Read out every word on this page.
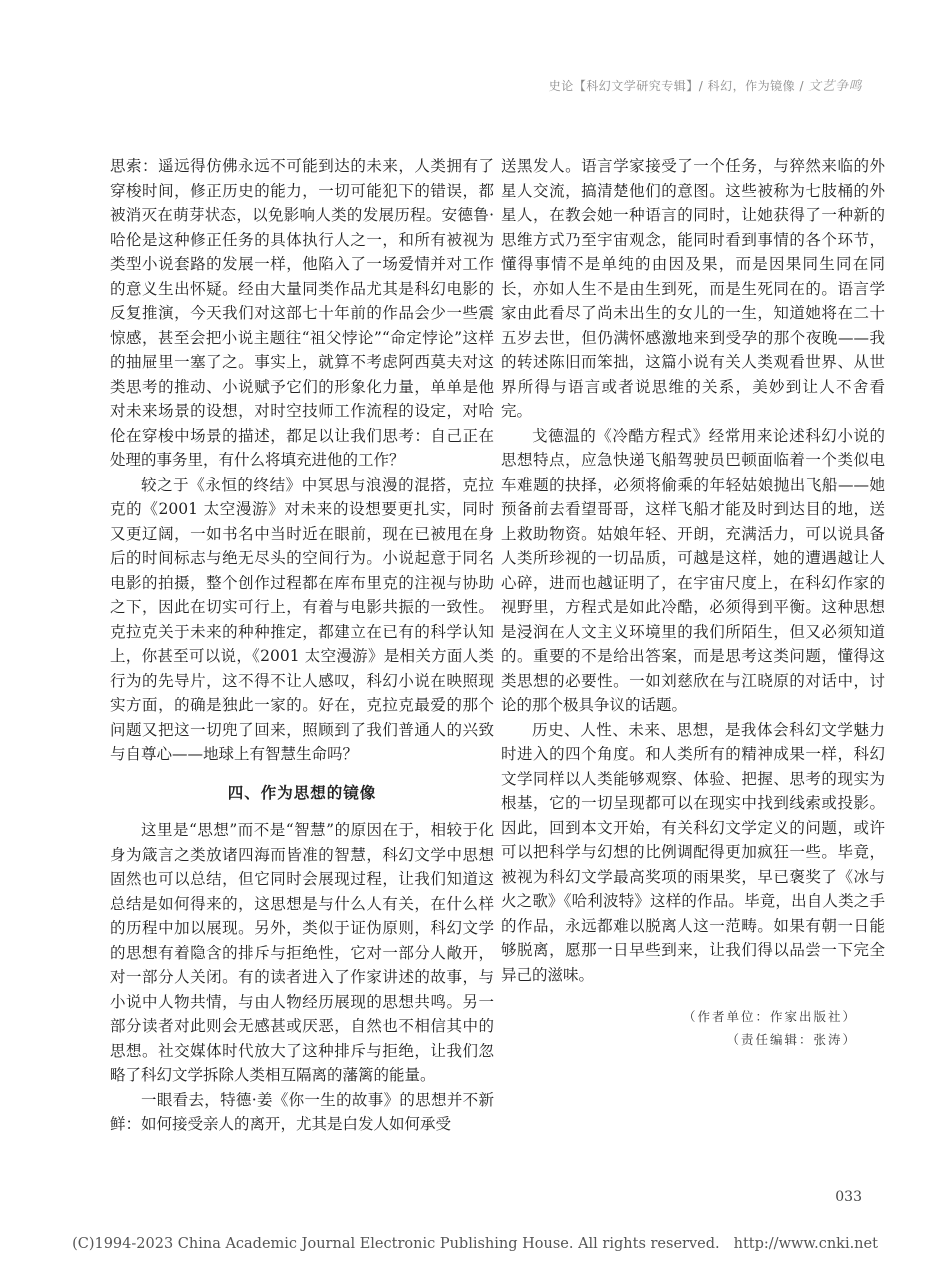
史论【科幻文学研究专辑】/ 科幻，作为镜像 / 文艺争鸣

思索：遥远得仿佛永远不可能到达的未来，人类拥有了穿梭时间，修正历史的能力，一切可能犯下的错误，都被消灭在萌芽状态，以免影响人类的发展历程。安德鲁·哈伦是这种修正任务的具体执行人之一，和所有被视为类型小说套路的发展一样，他陷入了一场爱情并对工作的意义生出怀疑。经由大量同类作品尤其是科幻电影的反复推演，今天我们对这部七十年前的作品会少一些震惊感，甚至会把小说主题往“祖父悖论”“命定悖论”这样的抽屉里一塞了之。事实上，就算不考虑阿西莫夫对这类思考的推动、小说赋予它们的形象化力量，单单是他对未来场景的设想，对时空技师工作流程的设定，对哈伦在穿梭中场景的描述，都足以让我们思考：自己正在处理的事务里，有什么将填充进他的工作？

较之于《永恒的终结》中冥思与浪漫的混搭，克拉克的《2001 太空漫游》对未来的设想要更扎实，同时又更辽阔，一如书名中当时近在眼前，现在已被甩在身后的时间标志与绝无尽头的空间行为。小说起意于同名电影的拍摄，整个创作过程都在库布里克的注视与协助之下，因此在切实可行上，有着与电影共振的一致性。克拉克关于未来的种种推定，都建立在已有的科学认知上，你甚至可以说，《2001 太空漫游》是相关方面人类行为的先导片，这不得不让人感叹，科幻小说在映照现实方面，的确是独此一家的。好在，克拉克最爱的那个问题又把这一切兜了回来，照顾到了我们普通人的兴致与自尊心——地球上有智慧生命吗？

四、作为思想的镜像

这里是“思想”而不是“智慧”的原因在于，相较于化身为箴言之类放诸四海而皆准的智慧，科幻文学中思想固然也可以总结，但它同时会展现过程，让我们知道这总结是如何得来的，这思想是与什么人有关，在什么样的历程中加以展现。另外，类似于证伪原则，科幻文学的思想有着隐含的排斥与拒绝性，它对一部分人敞开，对一部分人关闭。有的读者进入了作家讲述的故事，与小说中人物共情，与由人物经历展现的思想共鸣。另一部分读者对此则会无感甚或厌恶，自然也不相信其中的思想。社交媒体时代放大了这种排斥与拒绝，让我们忽略了科幻文学拆除人类相互隔离的藩篱的能量。

一眼看去，特德·姜《你一生的故事》的思想并不新鲜：如何接受亲人的离开，尤其是白发人如何承受

送黑发人。语言学家接受了一个任务，与猝然来临的外星人交流，搞清楚他们的意图。这些被称为七肢桶的外星人，在教会她一种语言的同时，让她获得了一种新的思维方式乃至宇宙观念，能同时看到事情的各个环节，懂得事情不是单纯的由因及果，而是因果同生同在同长，亦如人生不是由生到死，而是生死同在的。语言学家由此看尽了尚未出生的女儿的一生，知道她将在二十五岁去世，但仍满怀感激地来到受孕的那个夜晚——我的转述陈旧而笨拙，这篇小说有关人类观看世界、从世界所得与语言或者说思维的关系，美妙到让人不舍看完。

戈德温的《冷酷方程式》经常用来论述科幻小说的思想特点，应急快递飞船驾驶员巴顿面临着一个类似电车难题的抉择，必须将偷乘的年轻姑娘抛出飞船——她预备前去看望哥哥，这样飞船才能及时到达目的地，送上救助物资。姑娘年轻、开朗，充满活力，可以说具备人类所珍视的一切品质，可越是这样，她的遭遇越让人心碎，进而也越证明了，在宇宙尺度上，在科幻作家的视野里，方程式是如此冷酷，必须得到平衡。这种思想是浸润在人文主义环境里的我们所陌生，但又必须知道的。重要的不是给出答案，而是思考这类问题，懂得这类思想的必要性。一如刘慈欣在与江晓原的对话中，讨论的那个极具争议的话题。

历史、人性、未来、思想，是我体会科幻文学魅力时进入的四个角度。和人类所有的精神成果一样，科幻文学同样以人类能够观察、体验、把握、思考的现实为根基，它的一切呈现都可以在现实中找到线索或投影。因此，回到本文开始，有关科幻文学定义的问题，或许可以把科学与幻想的比例调配得更加疯狂一些。毕竟，被视为科幻文学最高奖项的雨果奖，早已褒奖了《冰与火之歌》《哈利波特》这样的作品。毕竟，出自人类之手的作品，永远都难以脱离人这一范畴。如果有朝一日能够脱离，愿那一日早些到来，让我们得以品尝一下完全异己的滋味。

（作者单位：作家出版社）
（责任编辑：张涛）
033
(C)1994-2023 China Academic Journal Electronic Publishing House. All rights reserved. http://www.cnki.net
